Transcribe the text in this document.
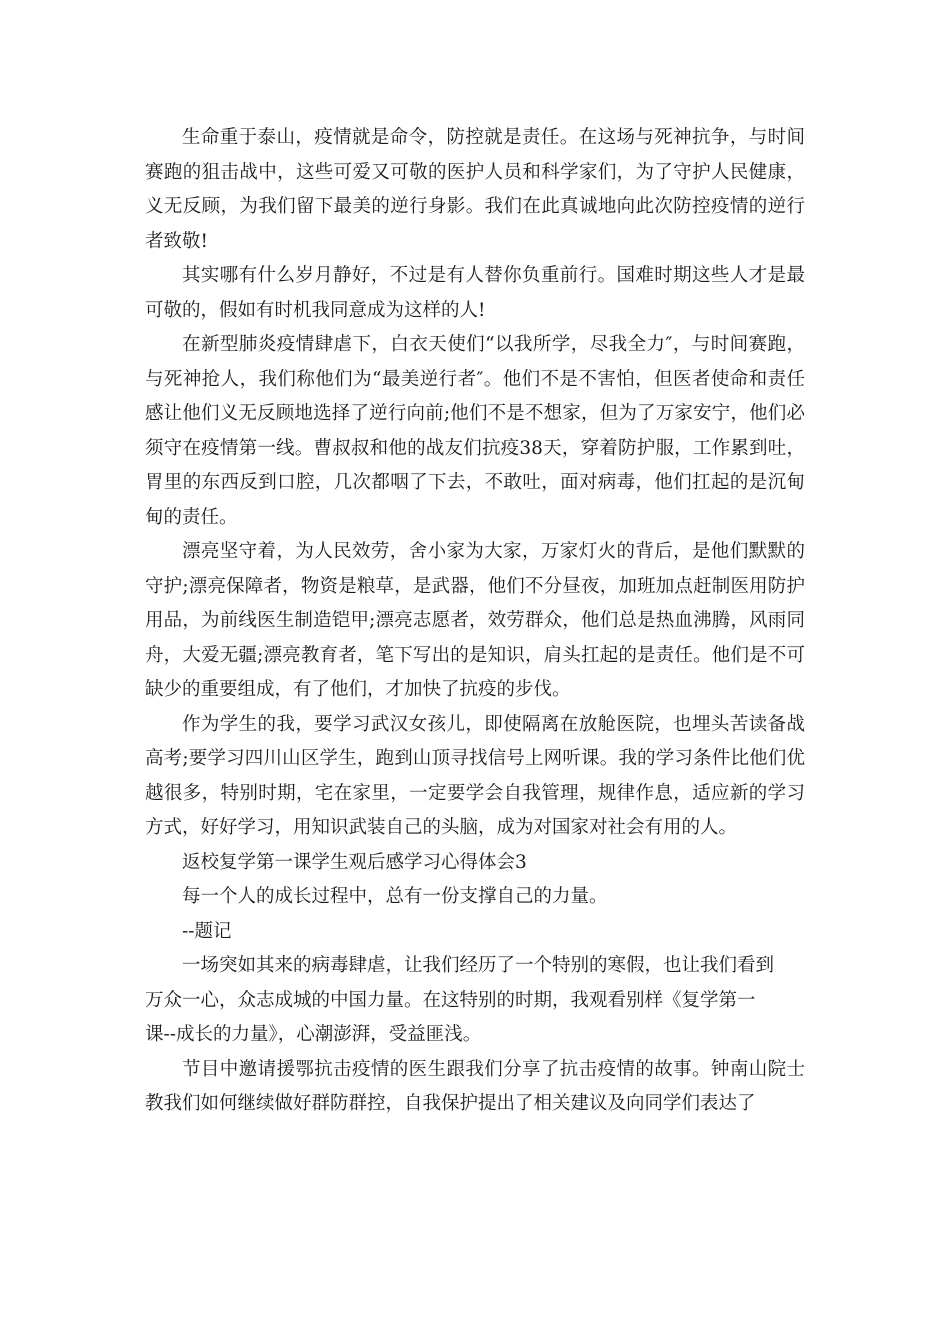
生命重于泰山，疫情就是命令，防控就是责任。在这场与死神抗争，与时间赛跑的狙击战中，这些可爱又可敬的医护人员和科学家们，为了守护人民健康，义无反顾，为我们留下最美的逆行身影。我们在此真诚地向此次防控疫情的逆行者致敬!

其实哪有什么岁月静好，不过是有人替你负重前行。国难时期这些人才是最可敬的，假如有时机我同意成为这样的人!

在新型肺炎疫情肆虐下，白衣天使们“以我所学，尽我全力″，与时间赛跑，与死神抢人，我们称他们为“最美逆行者″。他们不是不害怕，但医者使命和责任感让他们义无反顾地选择了逆行向前;他们不是不想家，但为了万家安宁，他们必须守在疫情第一线。曹叔叔和他的战友们抗疫38天，穿着防护服，工作累到吐，胃里的东西反到口腔，几次都咽了下去，不敢吐，面对病毒，他们扛起的是沉甸甸的责任。

漂亮坚守着，为人民效劳，舍小家为大家，万家灯火的背后，是他们默默的守护;漂亮保障者，物资是粮草，是武器，他们不分昼夜，加班加点赶制医用防护用品，为前线医生制造铠甲;漂亮志愿者，效劳群众，他们总是热血沸腾，风雨同舟，大爱无疆;漂亮教育者，笔下写出的是知识，肩头扛起的是责任。他们是不可缺少的重要组成，有了他们，才加快了抗疫的步伐。

作为学生的我，要学习武汉女孩儿，即使隔离在放舱医院，也埋头苦读备战高考;要学习四川山区学生，跑到山顶寻找信号上网听课。我的学习条件比他们优越很多，特别时期，宅在家里，一定要学会自我管理，规律作息，适应新的学习方式，好好学习，用知识武装自己的头脑，成为对国家对社会有用的人。

返校复学第一课学生观后感学习心得体会3

每一个人的成长过程中，总有一份支撑自己的力量。

--题记

一场突如其来的病毒肆虐，让我们经历了一个特别的寒假，也让我们看到

万众一心，众志成城的中国力量。在这特别的时期，我观看别样《复学第一

课--成长的力量》，心潮澎湃，受益匪浅。

节目中邀请援鄂抗击疫情的医生跟我们分享了抗击疫情的故事。钟南山院士教我们如何继续做好群防群控，自我保护提出了相关建议及向同学们表达了
